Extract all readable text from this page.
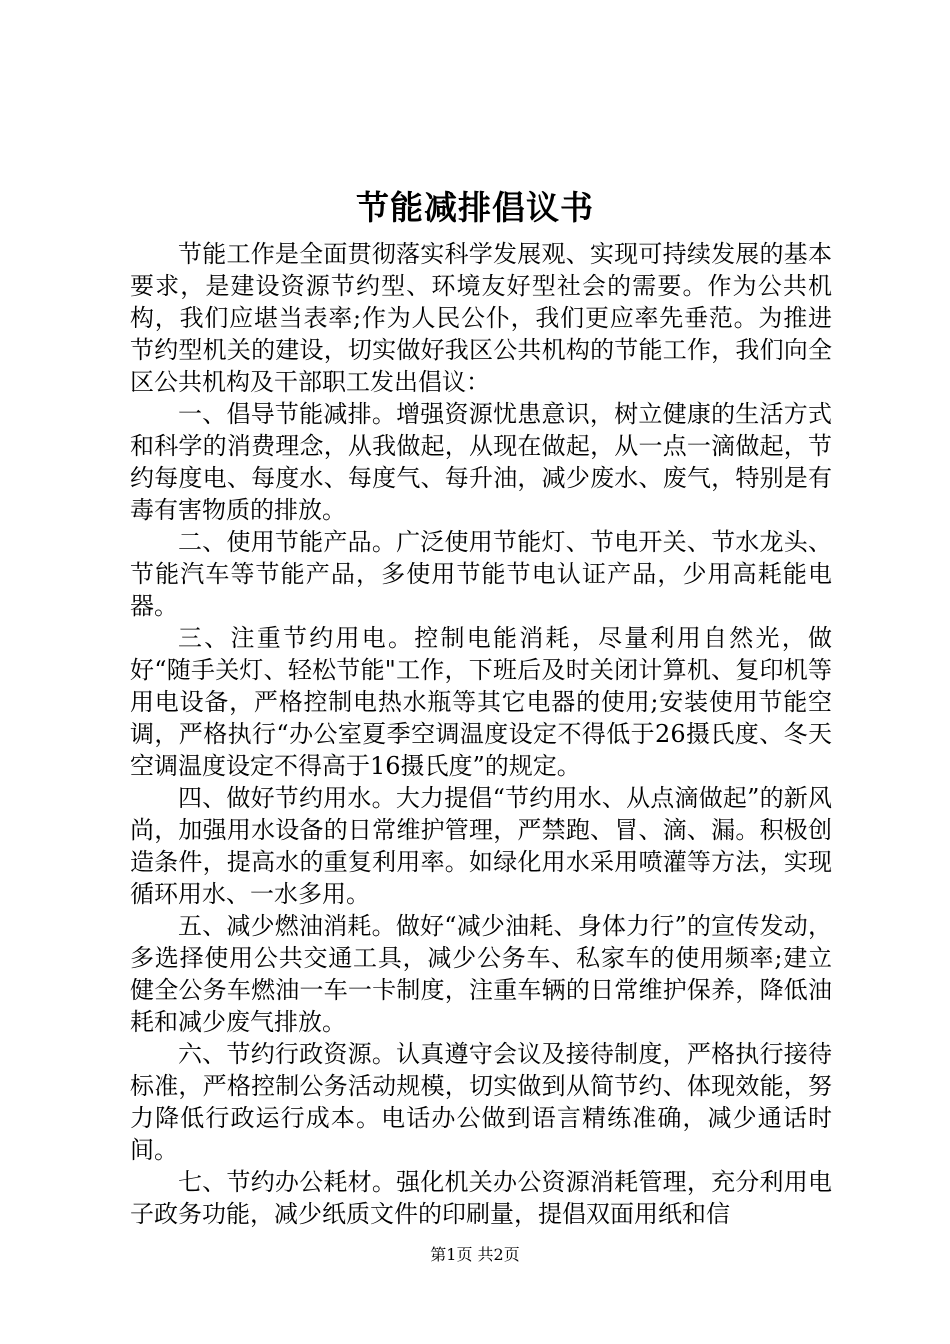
节能减排倡议书

节能工作是全面贯彻落实科学发展观、实现可持续发展的基本要求，是建设资源节约型、环境友好型社会的需要。作为公共机构，我们应堪当表率;作为人民公仆，我们更应率先垂范。为推进节约型机关的建设，切实做好我区公共机构的节能工作，我们向全区公共机构及干部职工发出倡议：

一、倡导节能减排。增强资源忧患意识，树立健康的生活方式和科学的消费理念，从我做起，从现在做起，从一点一滴做起，节约每度电、每度水、每度气、每升油，减少废水、废气，特别是有毒有害物质的排放。

二、使用节能产品。广泛使用节能灯、节电开关、节水龙头、节能汽车等节能产品，多使用节能节电认证产品，少用高耗能电器。

三、注重节约用电。控制电能消耗，尽量利用自然光，做好“随手关灯、轻松节能"工作，下班后及时关闭计算机、复印机等用电设备，严格控制电热水瓶等其它电器的使用;安装使用节能空调，严格执行“办公室夏季空调温度设定不得低于26摄氏度、冬天空调温度设定不得高于16摄氏度”的规定。

四、做好节约用水。大力提倡“节约用水、从点滴做起”的新风尚，加强用水设备的日常维护管理，严禁跑、冒、滴、漏。积极创造条件，提高水的重复利用率。如绿化用水采用喷灌等方法，实现循环用水、一水多用。

五、减少燃油消耗。做好“减少油耗、身体力行”的宣传发动，多选择使用公共交通工具，减少公务车、私家车的使用频率;建立健全公务车燃油一车一卡制度，注重车辆的日常维护保养，降低油耗和减少废气排放。

六、节约行政资源。认真遵守会议及接待制度，严格执行接待标准，严格控制公务活动规模，切实做到从简节约、体现效能，努力降低行政运行成本。电话办公做到语言精练准确，减少通话时间。

七、节约办公耗材。强化机关办公资源消耗管理，充分利用电子政务功能，减少纸质文件的印刷量，提倡双面用纸和信

第1页 共2页
